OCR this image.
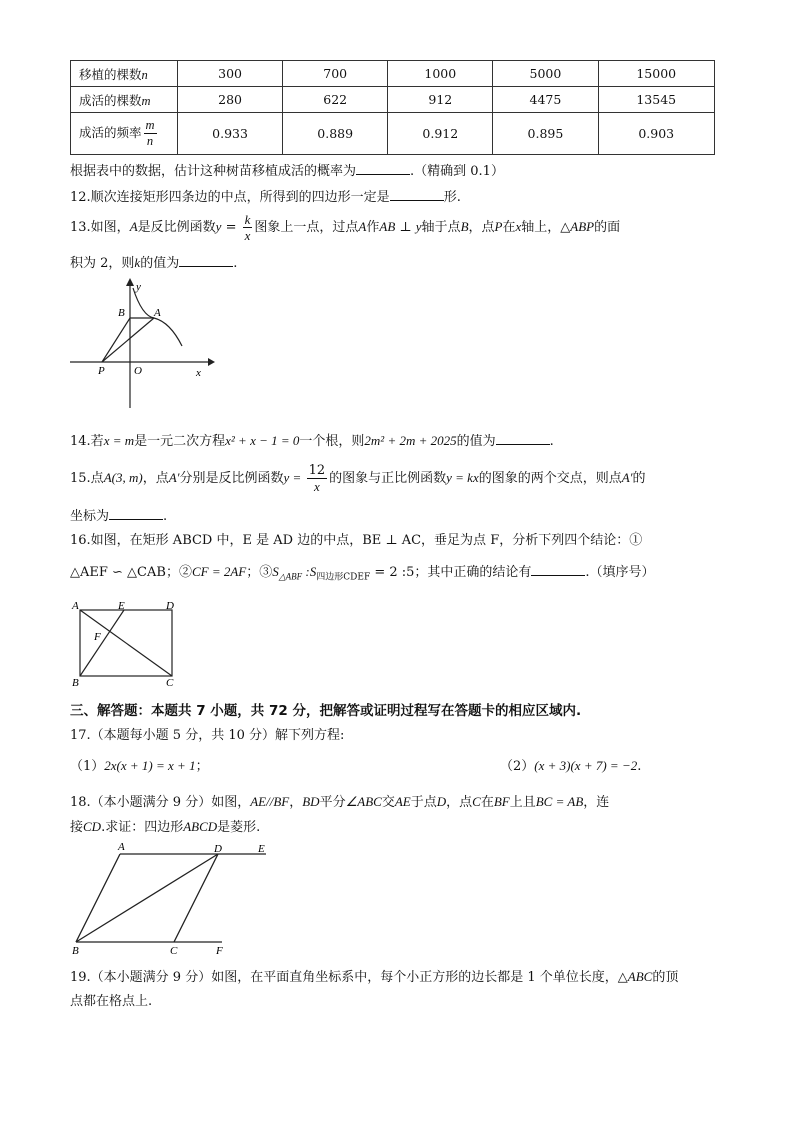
移植的棵数n	300	700	1000	5000	15000
成活的棵数m	280	622	912	4475	13545
成活的频率 $\frac{m}{n}$	0.933	0.889	0.912	0.895	0.903
根据表中的数据，估计这种树苗移植成活的概率为	.（精确到 0.1）
12.顺次连接矩形四条边的中点，所得到的四边形一定是	形.
13.如图，A是反比例函数$y = \frac{k}{x}$ 图象上一点，过点A作AB ⊥ y轴于点B，点P在x轴上，△ABP的面
积为 2，则k的值为	.
y
x
B	A
P	O
14.若x = m是一元二次方程x² + x − 1 = 0一个根，则2m² + 2m + 2025的值为	.
15.点A(3, m)，点A′分别是反比例函数$y = \frac{12}{x}$ 的图象与正比例函数y = kx的图象的两个交点，则点A′的
坐标为	.
16.如图，在矩形 ABCD 中，E 是 AD 边的中点，BE ⊥ AC，垂足为点 F，分析下列四个结论：①
△AEF ∽ △CAB；②CF = 2AF；$③S_{\triangle ABF}$ $:S_{四边形CDEF} = 2$ :5；其中正确的结论有	.（填序号）
A	E	D
F
B	C
三、解答题：本题共 7 小题，共 72 分，把解答或证明过程写在答题卡的相应区域内.
17.（本题每小题 5 分，共 10 分）解下列方程:
（1）2x(x + 1) = x + 1；	（2）(x + 3)(x + 7) = −2.
18.（本小题满分 9 分）如图，AE//BF，BD平分∠ABC交AE于点D，点C在BF上且BC = AB，连
接CD.求证：四边形ABCD是菱形.
A	D	E
B	C	F
19.（本小题满分 9 分）如图，在平面直角坐标系中，每个小正方形的边长都是 1 个单位长度，△ABC的顶
点都在格点上.
